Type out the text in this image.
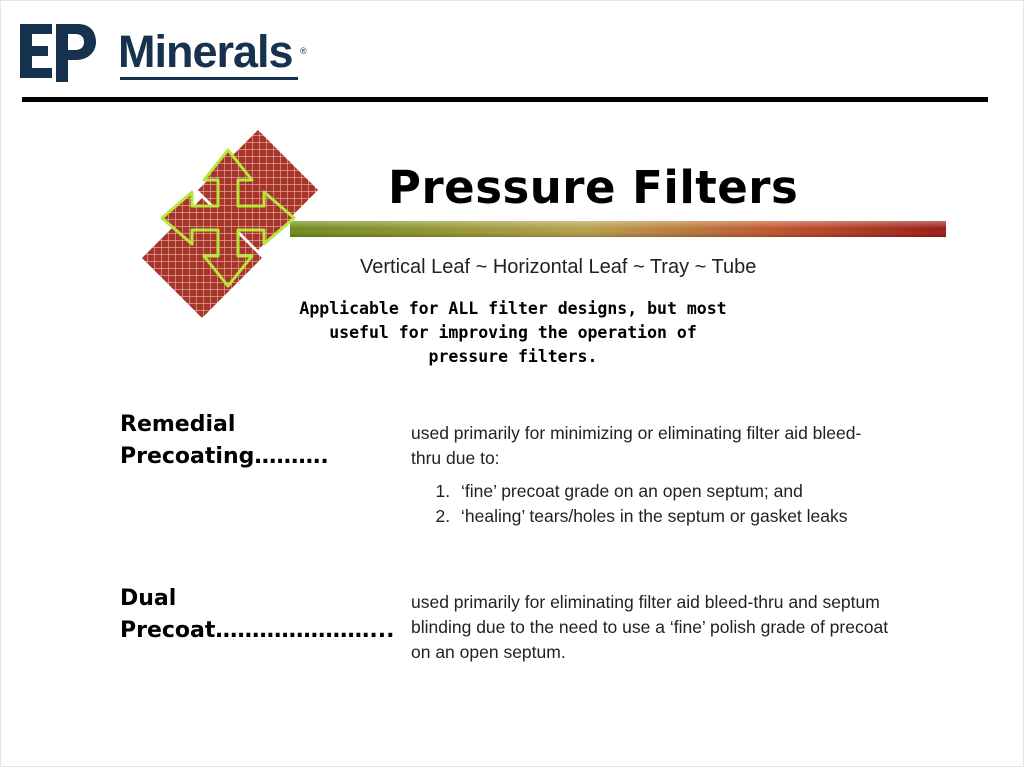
Minerals ®
Pressure Filters
Vertical Leaf ~ Horizontal Leaf ~ Tray ~ Tube
Applicable for ALL filter designs, but most
useful for improving the operation of
pressure filters.
Remedial
Precoating……….
used primarily for minimizing or eliminating filter aid bleed-thru due to:
1. ‘fine’ precoat grade on an open septum; and
2. ‘healing’ tears/holes in the septum or gasket leaks
Dual
Precoat…………………...
used primarily for eliminating filter aid bleed-thru and septum blinding due to the need to use a ‘fine’ polish grade of precoat on an open septum.
